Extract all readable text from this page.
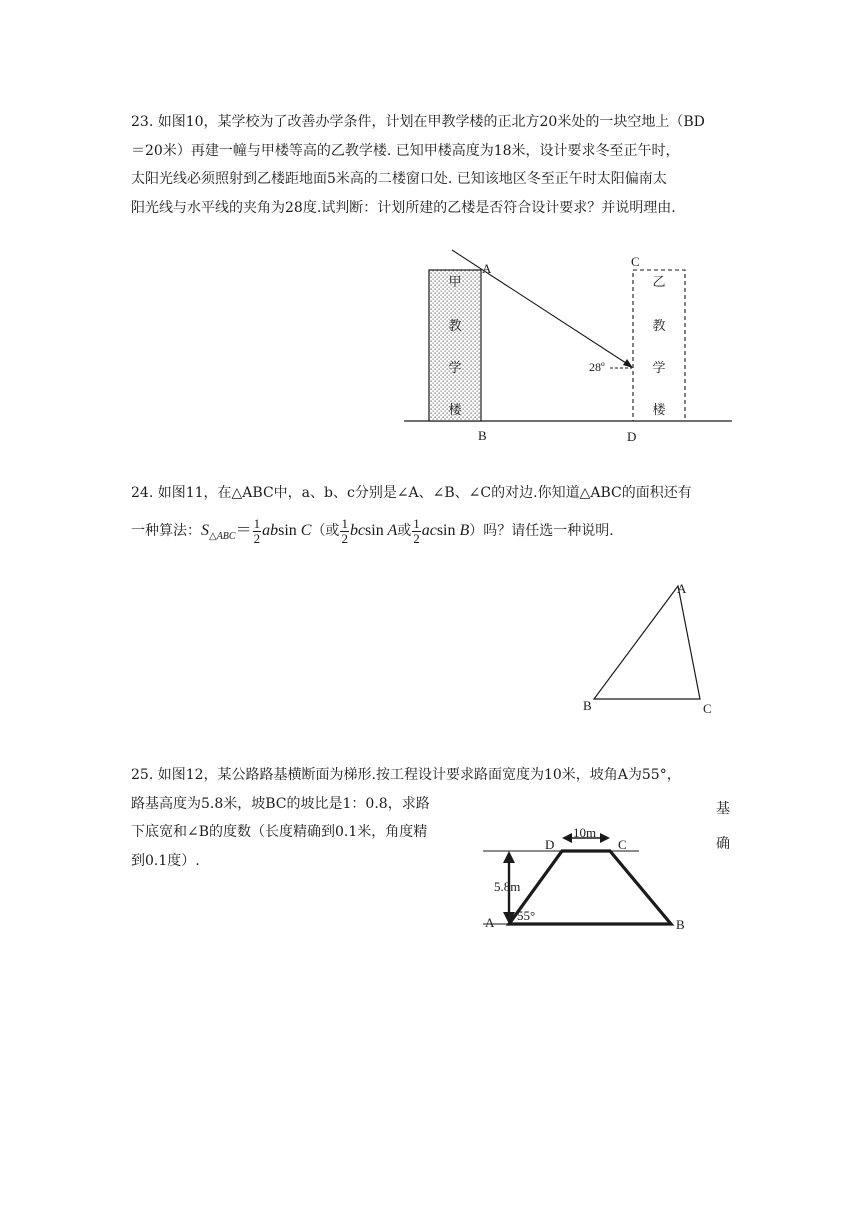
23. 如图10，某学校为了改善办学条件，计划在甲教学楼的正北方20米处的一块空地上（BD

＝20米）再建一幢与甲楼等高的乙教学楼. 已知甲楼高度为18米，设计要求冬至正午时，

太阳光线必须照射到乙楼距地面5米高的二楼窗口处. 已知该地区冬至正午时太阳偏南太

阳光线与水平线的夹角为28度.试判断：计划所建的乙楼是否符合设计要求？并说明理由.

甲
教
学
楼
乙
教
学
楼
28º
A	C
B	D

24. 如图11，在△ABC中，a、b、c分别是∠A、∠B、∠C的对边.你知道△ABC的面积还有

一种算法：$S_{\triangle ABC}= \frac{1}{2}$ absin C（或 $\frac{1}{2}$ bcsin A或 $\frac{1}{2}$ acsin B）吗？请任选一种说明.

A
B	C

25. 如图12，某公路路基横断面为梯形.按工程设计要求路面宽度为10米，坡角A为55°，

路基高度为5.8米，坡BC的坡比是1：0.8，求路

下底宽和∠B的度数（长度精确到0.1米，角度精

到0.1度）.

基
确
10m
5.8m
55°
A
D	C
B
